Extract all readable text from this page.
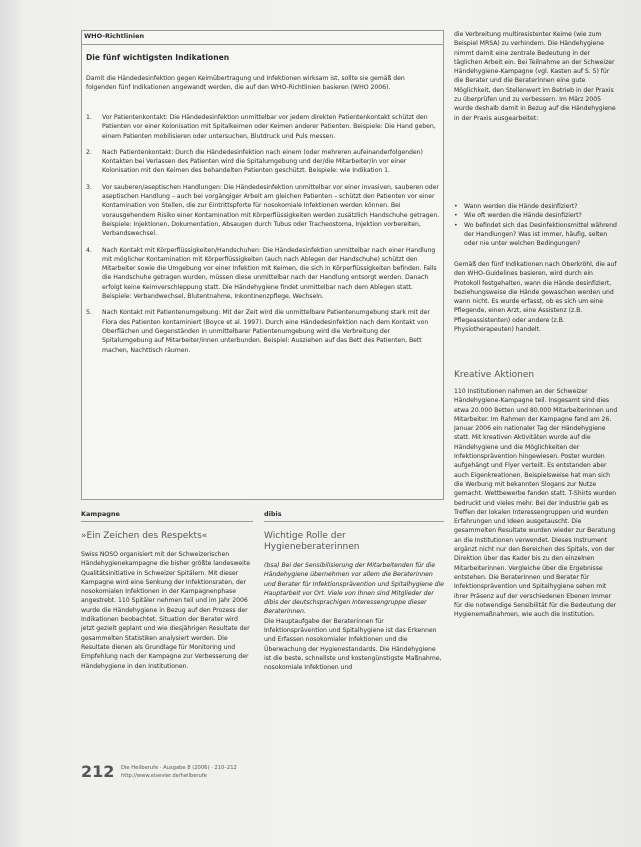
WHO-Richtlinien
Die fünf wichtigsten Indikationen
Damit die Händedesinfektion gegen Keimübertragung und Infektionen wirksam ist, sollte sie gemäß den folgenden fünf Indikationen angewandt werden, die auf den WHO-Richtlinien basieren (WHO 2006).
1.	Vor Patientenkontakt: Die Händedesinfektion unmittelbar vor jedem direkten Patientenkontakt schützt den Patienten vor einer Kolonisation mit Spitalkeimen oder Keimen anderer Patienten. Beispiele: Die Hand geben, einem Patienten mobilisieren oder untersuchen, Blutdruck und Puls messen.
2.	Nach Patientenkontakt: Durch die Händedesinfektion nach einem (oder mehreren aufeinanderfolgenden) Kontakten bei Verlassen des Patienten wird die Spitalumgebung und der/die Mitarbeiter/in vor einer Kolonisation mit den Keimen des behandelten Patienten geschützt. Beispiele: wie Indikation 1.
3.	Vor sauberen/aseptischen Handlungen: Die Händedesinfektion unmittelbar vor einer invasiven, sauberen oder aseptischen Handlung – auch bei vorgängiger Arbeit am gleichen Patienten – schützt den Patienten vor einer Kontamination von Stellen, die zur Eintrittspforte für nosokomiale Infektionen werden können. Bei vorausgehendem Risiko einer Kontamination mit Körperflüssigkeiten werden zusätzlich Handschuhe getragen. Beispiele: Injektionen, Dokumentation, Absaugen durch Tubus oder Tracheostoma, Injektion vorbereiten, Verbandswechsel.
4.	Nach Kontakt mit Körperflüssigkeiten/Handschuhen: Die Händedesinfektion unmittelbar nach einer Handlung mit möglicher Kontamination mit Körperflüssigkeiten (auch nach Ablegen der Handschuhe) schützt den Mitarbeiter sowie die Umgebung vor einer Infektion mit Keimen, die sich in Körperflüssigkeiten befinden. Falls die Handschuhe getragen wurden, müssen diese unmittelbar nach der Handlung entsorgt werden. Danach erfolgt keine Keimverschleppung statt. Die Händehygiene findet unmittelbar nach dem Ablegen statt. Beispiele: Verbandwechsel, Blutentnahme, Inkontinenzpflege, Wechseln.
5.	Nach Kontakt mit Patientenumgebung: Mit der Zeit wird die unmittelbare Patientenumgebung stark mit der Flora des Patienten kontaminiert (Boyce et al. 1997). Durch eine Händedesinfektion nach dem Kontakt von Oberflächen und Gegenständen in unmittelbarer Patientenumgebung wird die Verbreitung der Spitalumgebung auf Mitarbeiter/innen unterbunden. Beispiel: Ausziehen auf das Bett des Patienten, Bett machen, Nachttisch räumen.
die Verbreitung multiresistenter Keime (wie zum Beispiel MRSA) zu verhindern. Die Händehygiene nimmt damit eine zentrale Bedeutung in der täglichen Arbeit ein. Bei Teilnahme an der Schweizer Händehygiene-Kampagne (vgl. Kasten auf S. 5) für die Berater und die Beraterinnen eine gute Möglichkeit, den Stellenwert im Betrieb in der Praxis zu überprüfen und zu verbessern. Im März 2005 wurde deshalb damit in Bezug auf die Händehygiene in der Praxis ausgearbeitet:
• Wann werden die Hände desinfiziert?
• Wie oft werden die Hände desinfiziert?
• Wo befindet sich das Desinfektionsmittel während der Handlungen? Was ist immer, häufig, selten oder nie unter welchen Bedingungen?
Gemäß den fünf Indikationen nach Oberkröhl, die auf den WHO-Guidelines basieren, wird durch ein Protokoll festgehalten, wann die Hände desinfiziert, beziehungsweise die Hände gewaschen werden und wann nicht. Es wurde erfasst, ob es sich um eine Pflegende, einen Arzt, eine Assistenz (z.B. Pflegeassistenten) oder andere (z.B. Physiotherapeuten) handelt.
Kreative Aktionen
110 Institutionen nahmen an der Schweizer Händehygiene-Kampagne teil. Insgesamt sind dies etwa 20.000 Betten und 80.000 Mitarbeiterinnen und Mitarbeiter. Im Rahmen der Kampagne fand am 26. Januar 2006 ein nationaler Tag der Händehygiene statt. Mit kreativen Aktivitäten wurde auf die Händehygiene und die Möglichkeiten der Infektionsprävention hingewiesen. Poster wurden aufgehängt und Flyer verteilt. Es entstanden aber auch Eigenkreationen. Beispielsweise hat man sich die Werbung mit bekannten Slogans zur Nutze gemacht. Wettbewerbe fanden statt. T-Shirts wurden bedruckt und vieles mehr. Bei der Industrie gab es Treffen der lokalen Interessengruppen und wurden Erfahrungen und Ideen ausgetauscht. Die gesammelten Resultate wurden wieder zur Beratung an die Institutionen verwendet. Dieses Instrument ergänzt nicht nur den Bereichen des Spitals, von der Direktion über das Kader bis zu den einzelnen Mitarbeiterinnen. Vergleiche über die Ergebnisse entstehen. Die Beraterinnen und Berater für Infektionsprävention und Spitalhygiene sehen mit ihrer Präsenz auf der verschiedenen Ebenen immer für die notwendige Sensibilität für die Bedeutung der Hygienemaßnahmen, wie auch die Institution.
Kampagne
»Ein Zeichen des Respekts«
Swiss NOSO organisiert mit der Schweizerischen Händehygienekampagne die bisher größte landesweite Qualitätsinitiative in Schweizer Spitälern. Mit dieser Kampagne wird eine Senkung der Infektionsraten, der nosokomialen Infektionen in der Kampagnenphase angestrebt. 110 Spitäler nehmen teil und im Jahr 2006 wurde die Händehygiene in Bezug auf den Prozess der Indikationen beobachtet. Situation der Berater wird jetzt gezielt geplant und wie diesjährigen Resultate der gesammelten Statistiken analysiert werden. Die Resultate dienen als Grundlage für Monitoring und Empfehlung nach der Kampagne zur Verbesserung der Händehygiene in den Institutionen.
dibis
Wichtige Rolle der Hygieneberaterinnen
(bsa) Bei der Sensibilisierung der Mitarbeitenden für die Händehygiene übernehmen vor allem die Beraterinnen und Berater für Infektionsprävention und Spitalhygiene die Hauptarbeit vor Ort. Viele von Ihnen sind Mitglieder der dibis der deutschsprachigen Interessengruppe dieser Beraterinnen.
Die Hauptaufgabe der Beraterinnen für Infektionsprävention und Spitalhygiene ist das Erkennen und Erfassen nosokomialer Infektionen und die Überwachung der Hygienestandards. Die Händehygiene ist die beste, schnellste und kostengünstigste Maßnahme, nosokomiale Infektionen und
212 Die Heilberufe · Ausgabe 8 (2006) · 210–212
http://www.elsevier.de/heilberufe
